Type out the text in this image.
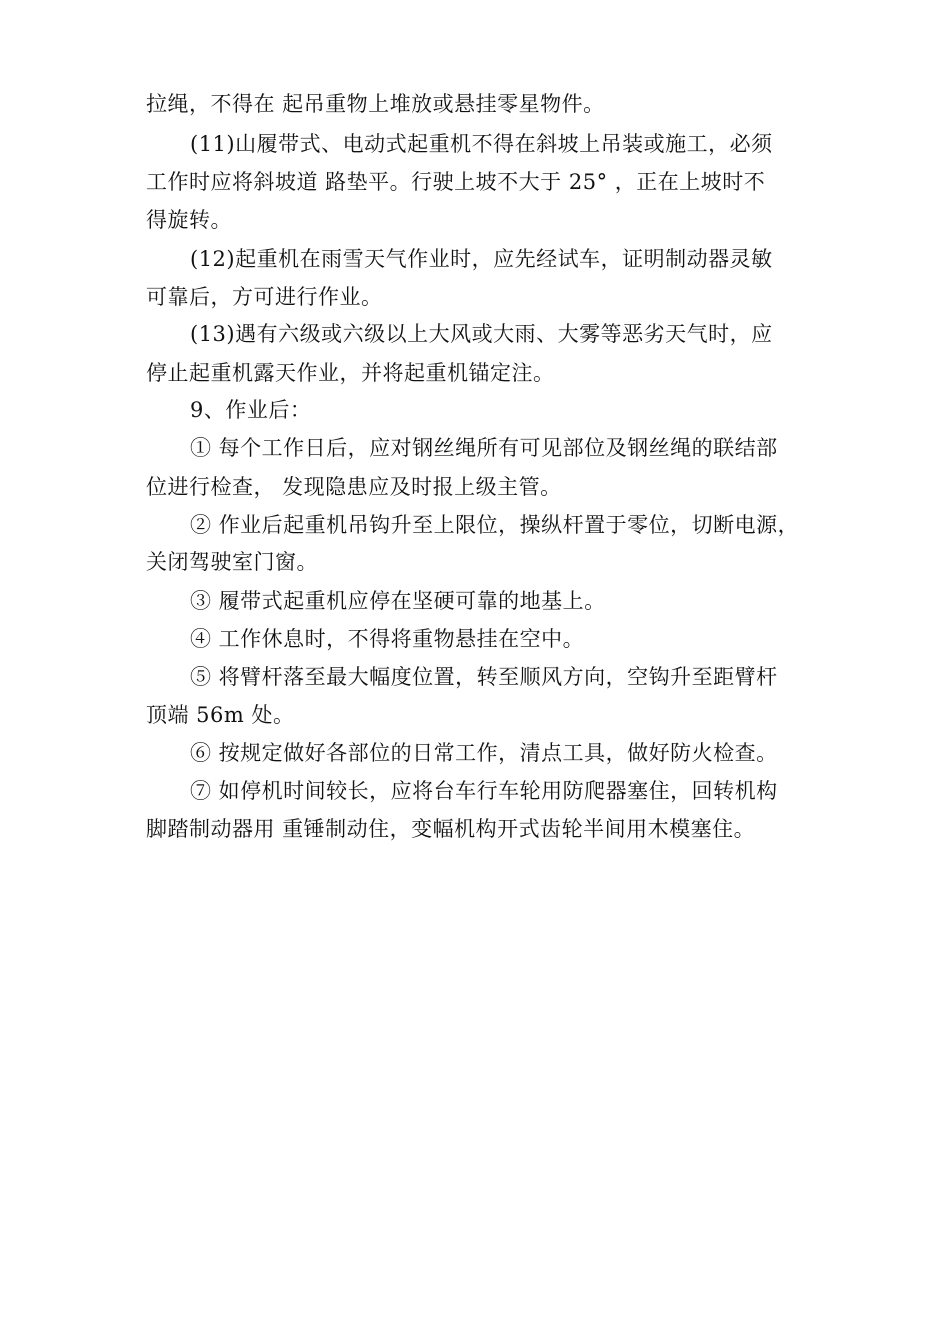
拉绳，不得在 起吊重物上堆放或悬挂零星物件。
(11)山履带式、电动式起重机不得在斜坡上吊装或施工，必须
工作时应将斜坡道 路垫平。行驶上坡不大于 25° ，正在上坡时不
得旋转。
(12)起重机在雨雪天气作业时，应先经试车，证明制动器灵敏
可靠后，方可进行作业。
(13)遇有六级或六级以上大风或大雨、大雾等恶劣天气时，应
停止起重机露天作业，并将起重机锚定注。
9、作业后：
① 每个工作日后，应对钢丝绳所有可见部位及钢丝绳的联结部
位进行检查， 发现隐患应及时报上级主管。
② 作业后起重机吊钩升至上限位，操纵杆置于零位，切断电源，
关闭驾驶室门窗。
③ 履带式起重机应停在坚硬可靠的地基上。
④ 工作休息时，不得将重物悬挂在空中。
⑤ 将臂杆落至最大幅度位置，转至顺风方向，空钩升至距臂杆
顶端 56m 处。
⑥ 按规定做好各部位的日常工作，清点工具，做好防火检查。
⑦ 如停机时间较长，应将台车行车轮用防爬器塞住，回转机构
脚踏制动器用 重锤制动住，变幅机构开式齿轮半间用木模塞住。
